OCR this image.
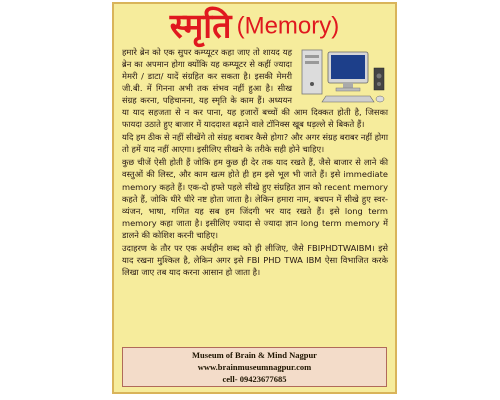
स्मृति (Memory)

हमारे ब्रेन को एक सुपर कम्प्यूटर कहा जाए तो शायद यह ब्रेन का अपमान होगा क्योंकि यह कम्प्यूटर से कहीं ज्यादा मेमरी / डाटा/ यादें संग्रहित कर सकता है। इसकी मेमरी जी.बी. में गिनना अभी तक संभव नहीं हुआ है। सीख संग्रह करना, पहिचानना, यह स्मृति के काम हैं। अध्ययन या याद सहजता से न कर पाना, यह हजारों बच्चों की आम दिक्कत होती है, जिसका फायदा उठाते हुए बाजार में याददाश्त बढ़ाने वाले टॉनिक्स खूब धड़ल्ले से बिकते हैं।

यदि हम ठीक से नहीं सीखेंगे तो संग्रह बराबर कैसे होगा? और अगर संग्रह बराबर नहीं होगा तो हमें याद नहीं आएगा। इसीलिए सीखने के तरीके सही होने चाहिए।

कुछ चीजें ऐसी होती हैं जोकि हम कुछ ही देर तक याद रखते हैं, जैसे बाजार से लाने की वस्तुओं की लिस्ट, और काम खत्म होते ही हम इसे भूल भी जाते हैं। इसे immediate memory कहते हैं। एक-दो हफ्ते पहले सीखे हुए संग्रहित ज्ञान को recent memory कहते हैं, जोकि धीरे धीरे नष्ट होता जाता है। लेकिन हमारा नाम, बचपन में सीखे हुए स्वर-व्यंजन, भाषा, गणित यह सब हम जिंदगी भर याद रखते हैं। इसे long term memory कहा जाता है। इसीलिए ज्यादा से ज्यादा ज्ञान long term memory में डालने की कोशिश करनी चाहिए।

उदाहरण के तौर पर एक अर्थहीन शब्द को ही लीजिए, जैसे FBIPHDTWAIBM। इसे याद रखना मुश्किल है, लेकिन अगर इसे FBI PHD TWA IBM ऐसा विभाजित करके लिखा जाए तब याद करना आसान हो जाता है।

Museum of Brain & Mind Nagpur
www.brainmuseumnagpur.com
cell- 09423677685
